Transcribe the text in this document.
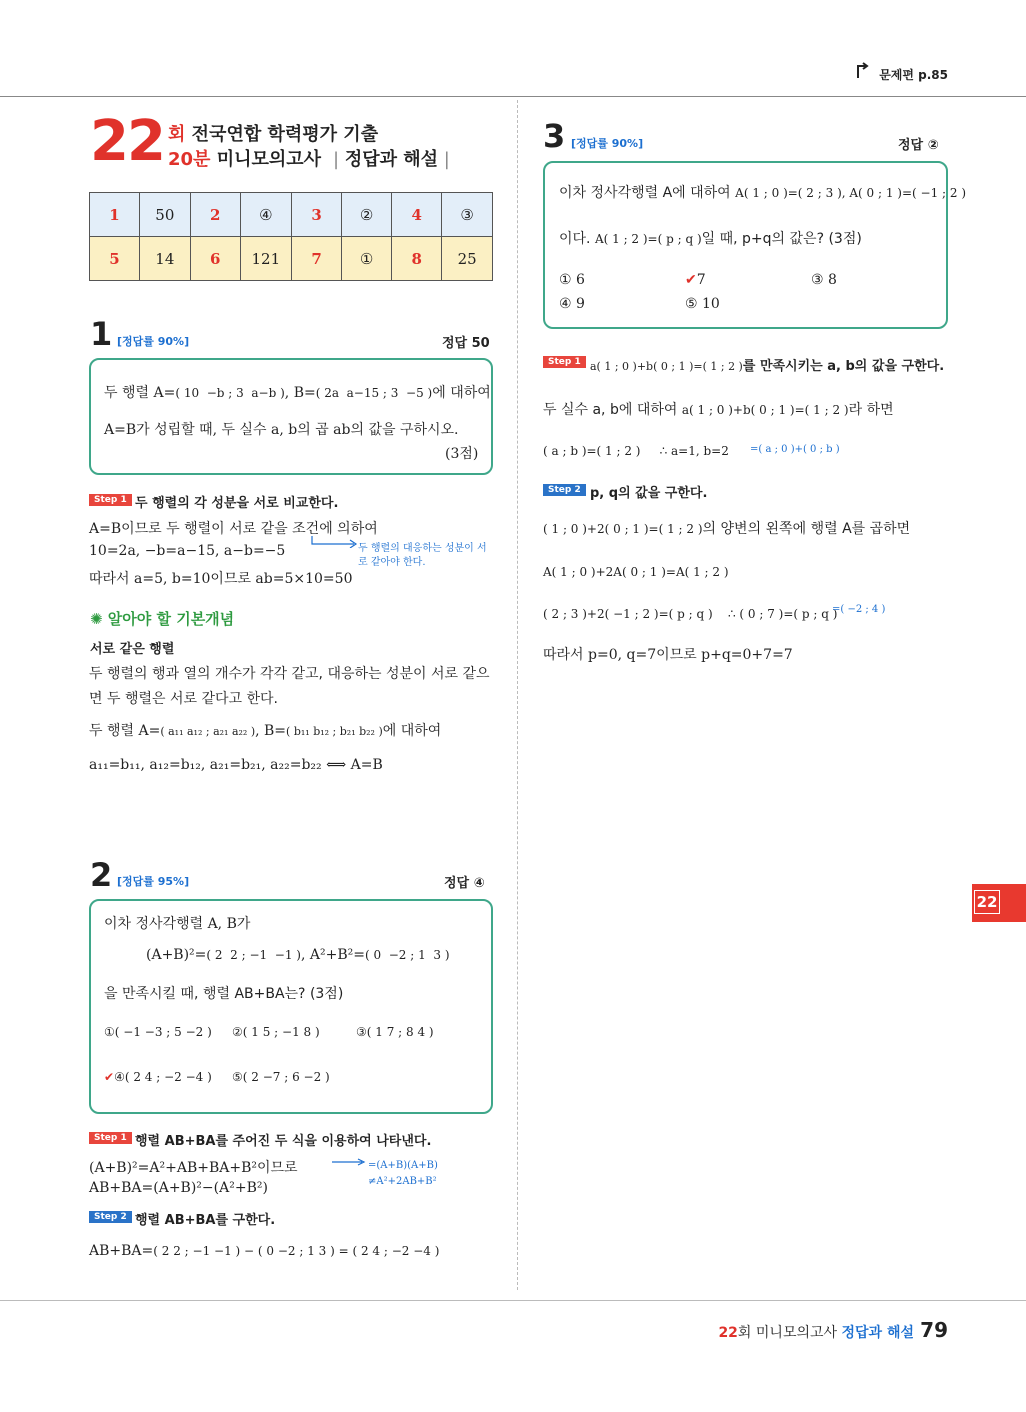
문제편 p.85
22 회 전국연합 학력평가 기출
20분 미니모의고사  | 정답과 해설 |
1	50	2	④	3	②	4	③
5	14	6	121	7	①	8	25
1 [정답률 90%]	정답 50
두 행렬 A=( 10  −b ; 3  a−b ), B=( 2a  a−15 ; 3  −5 )에 대하여
A=B가 성립할 때, 두 실수 a, b의 곱 ab의 값을 구하시오.
(3점)
Step 1 두 행렬의 각 성분을 서로 비교한다.
A=B이므로 두 행렬이 서로 같을 조건에 의하여
10=2a, −b=a−15, a−b=−5
따라서 a=5, b=10이므로 ab=5×10=50
두 행렬의 대응하는 성분이 서로 같아야 한다.
✺ 알아야 할 기본개념
서로 같은 행렬
두 행렬의 행과 열의 개수가 각각 같고, 대응하는 성분이 서로 같으
면 두 행렬은 서로 같다고 한다.
두 행렬 A=( a₁₁ a₁₂ ; a₂₁ a₂₂ ), B=( b₁₁ b₁₂ ; b₂₁ b₂₂ )에 대하여
a₁₁=b₁₁, a₁₂=b₁₂, a₂₁=b₂₁, a₂₂=b₂₂ ⟺ A=B
2 [정답률 95%]	정답 ④
이차 정사각행렬 A, B가
(A+B)²=( 2  2 ; −1  −1 ), A²+B²=( 0  −2 ; 1  3 )
을 만족시킬 때, 행렬 AB+BA는? (3점)
①( −1 −3 ; 5 −2 ) ②( 1 5 ; −1 8 )	③( 1 7 ; 8 4 )
✔④( 2 4 ; −2 −4 ) ⑤( 2 −7 ; 6 −2 )
Step 1 행렬 AB+BA를 주어진 두 식을 이용하여 나타낸다.
(A+B)²=A²+AB+BA+B²이므로
AB+BA=(A+B)²−(A²+B²)
=(A+B)(A+B)
≠A²+2AB+B²
Step 2 행렬 AB+BA를 구한다.
AB+BA=( 2 2 ; −1 −1 ) − ( 0 −2 ; 1 3 ) = ( 2 4 ; −2 −4 )
3 [정답률 90%]	정답 ②
이차 정사각행렬 A에 대하여 A( 1 ; 0 )=( 2 ; 3 ), A( 0 ; 1 )=( −1 ; 2 )
이다. A( 1 ; 2 )=( p ; q )일 때, p+q의 값은? (3점)
① 6	✔7	③ 8
④ 9	⑤ 10
Step 1 a( 1 ; 0 )+b( 0 ; 1 )=( 1 ; 2 )를 만족시키는 a, b의 값을 구한다.
두 실수 a, b에 대하여 a( 1 ; 0 )+b( 0 ; 1 )=( 1 ; 2 )라 하면
( a ; b )=( 1 ; 2 )     ∴ a=1, b=2 =( a ; 0 )+( 0 ; b )
Step 2 p, q의 값을 구한다.
( 1 ; 0 )+2( 0 ; 1 )=( 1 ; 2 )의 양변의 왼쪽에 행렬 A를 곱하면
A( 1 ; 0 )+2A( 0 ; 1 )=A( 1 ; 2 )
( 2 ; 3 )+2( −1 ; 2 )=( p ; q )    ∴ ( 0 ; 7 )=( p ; q )
=( −2 ; 4 )
따라서 p=0, q=7이므로 p+q=0+7=7
22
22회 미니모의고사 정답과 해설 79
